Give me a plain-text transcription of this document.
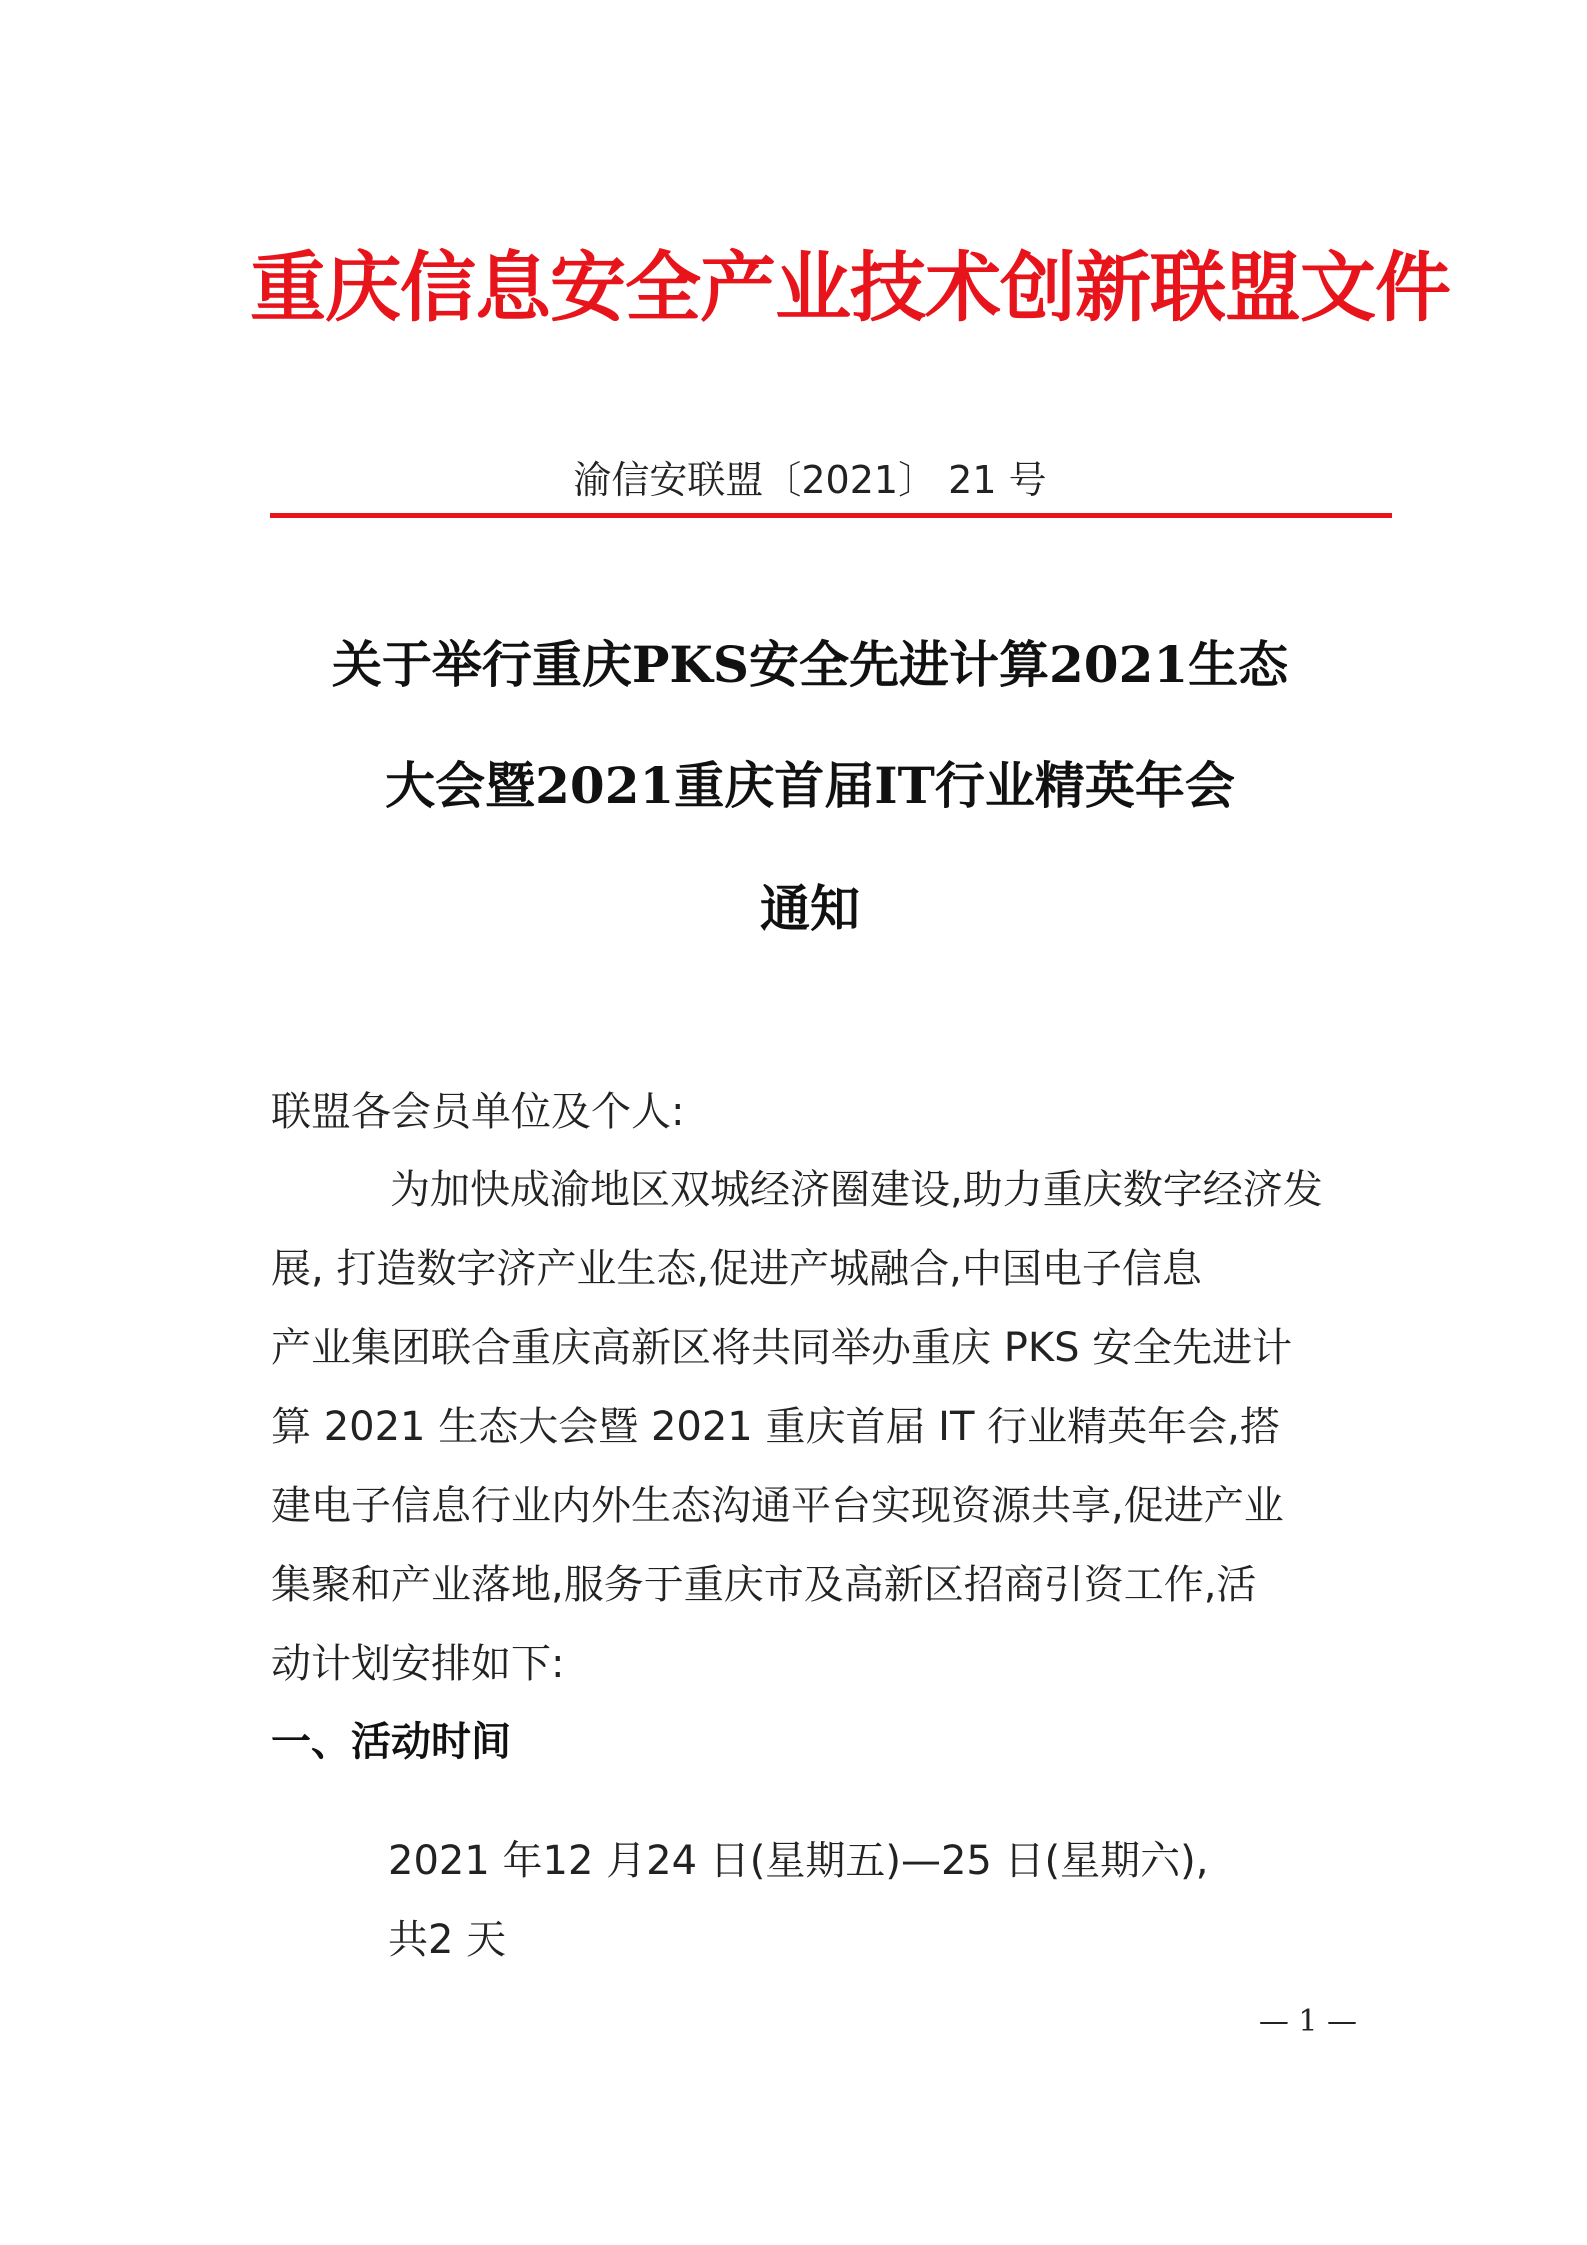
重庆信息安全产业技术创新联盟文件
渝信安联盟〔2021〕 21 号
关于举行重庆PKS安全先进计算2021生态
大会暨2021重庆首届IT行业精英年会
通知
联盟各会员单位及个人:
为加快成渝地区双城经济圈建设,助力重庆数字经济发
展, 打造数字济产业生态,促进产城融合,中国电子信息
产业集团联合重庆高新区将共同举办重庆 PKS 安全先进计
算 2021 生态大会暨 2021 重庆首届 IT 行业精英年会,搭
建电子信息行业内外生态沟通平台实现资源共享,促进产业
集聚和产业落地,服务于重庆市及高新区招商引资工作,活
动计划安排如下:
一、活动时间
2021 年12 月24 日(星期五)—25 日(星期六),
共2 天
— 1 —
